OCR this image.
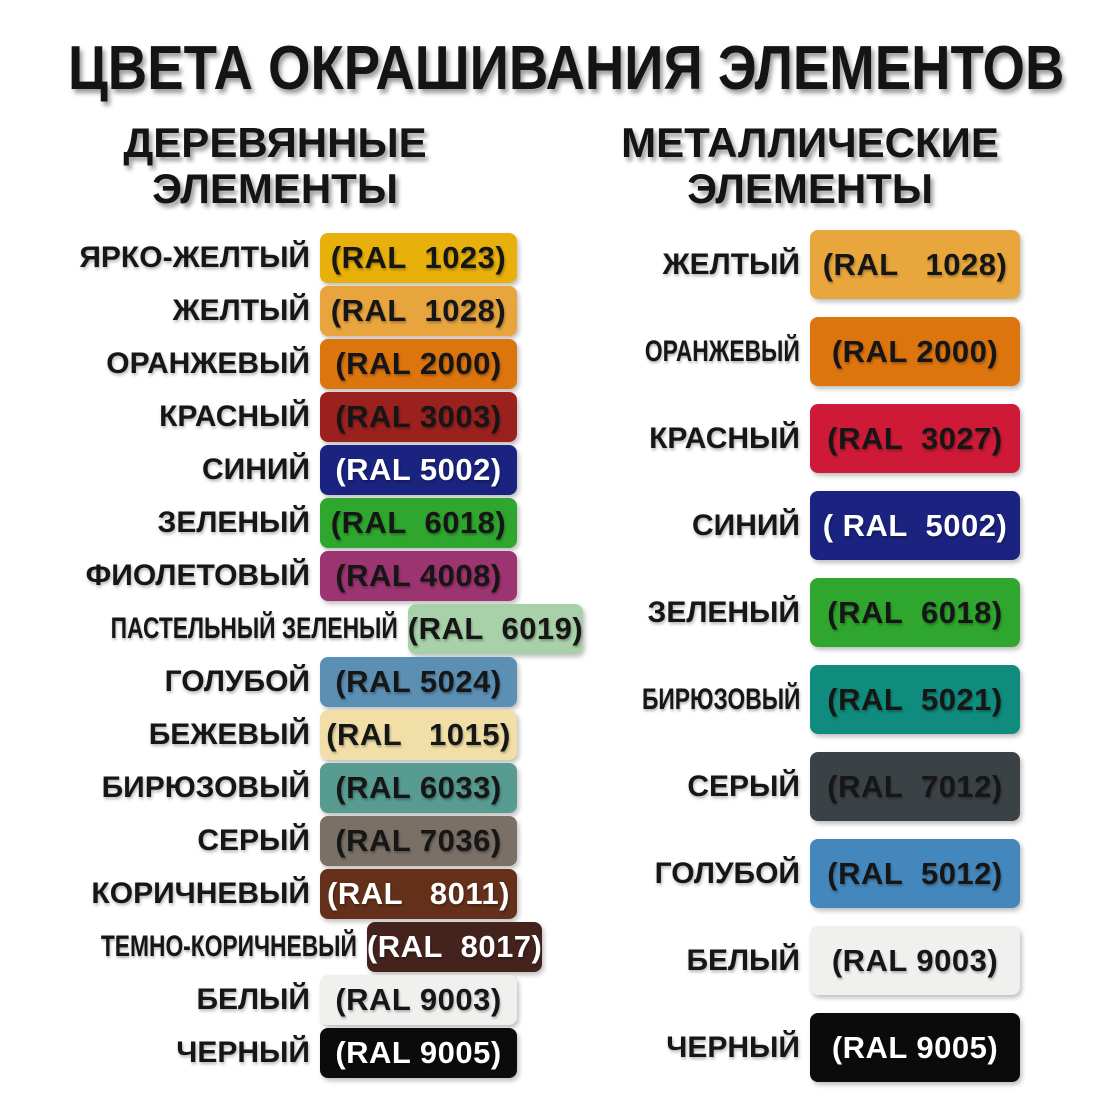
ЦВЕТА ОКРАШИВАНИЯ ЭЛЕМЕНТОВ
ДЕРЕВЯННЫЕ
ЭЛЕМЕНТЫ
МЕТАЛЛИЧЕСКИЕ
ЭЛЕМЕНТЫ
ЯРКО-ЖЕЛТЫЙ (RAL  1023)
ЖЕЛТЫЙ (RAL  1028)
ОРАНЖЕВЫЙ (RAL 2000)
КРАСНЫЙ (RAL 3003)
СИНИЙ (RAL 5002)
ЗЕЛЕНЫЙ (RAL  6018)
ФИОЛЕТОВЫЙ (RAL 4008)
ПАСТЕЛЬНЫЙ ЗЕЛЕНЫЙ (RAL  6019)
ГОЛУБОЙ (RAL 5024)
БЕЖЕВЫЙ (RAL   1015)
БИРЮЗОВЫЙ (RAL 6033)
СЕРЫЙ (RAL 7036)
КОРИЧНЕВЫЙ (RAL   8011)
ТЕМНО-КОРИЧНЕВЫЙ (RAL  8017)
БЕЛЫЙ (RAL 9003)
ЧЕРНЫЙ (RAL 9005)
ЖЕЛТЫЙ (RAL   1028)
ОРАНЖЕВЫЙ	(RAL 2000)
КРАСНЫЙ (RAL  3027)
СИНИЙ ( RAL  5002)
ЗЕЛЕНЫЙ (RAL  6018)
БИРЮЗОВЫЙ (RAL  5021)
СЕРЫЙ (RAL  7012)
ГОЛУБОЙ (RAL  5012)
БЕЛЫЙ	(RAL 9003)
ЧЕРНЫЙ	(RAL 9005)
